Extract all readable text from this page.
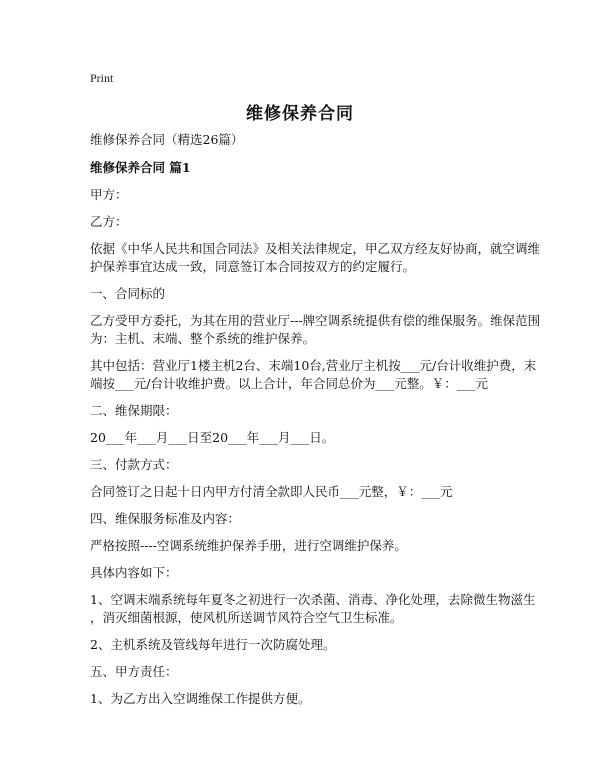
Print
维修保养合同
维修保养合同（精选26篇）
维修保养合同 篇1
甲方：
乙方：
依据《中华人民共和国合同法》及相关法律规定，甲乙双方经友好协商，就空调维
护保养事宜达成一致，同意签订本合同按双方的约定履行。
一、合同标的
乙方受甲方委托，为其在用的营业厅---牌空调系统提供有偿的维保服务。维保范围
为：主机、末端、整个系统的维护保养。
其中包括：营业厅1楼主机2台、末端10台,营业厅主机按___元/台计收维护费，末
端按___元/台计收维护费。以上合计，年合同总价为___元整。￥：___元
二、维保期限：
20___年___月___日至20___年___月___日。
三、付款方式：
合同签订之日起十日内甲方付清全款即人民币___元整，￥：___元
四、维保服务标准及内容：
严格按照----空调系统维护保养手册，进行空调维护保养。
具体内容如下：
1、空调末端系统每年夏冬之初进行一次杀菌、消毒、净化处理，去除微生物滋生
，消灭细菌根源，使风机所送调节风符合空气卫生标准。
2、主机系统及管线每年进行一次防腐处理。
五、甲方责任：
1、为乙方出入空调维保工作提供方便。
